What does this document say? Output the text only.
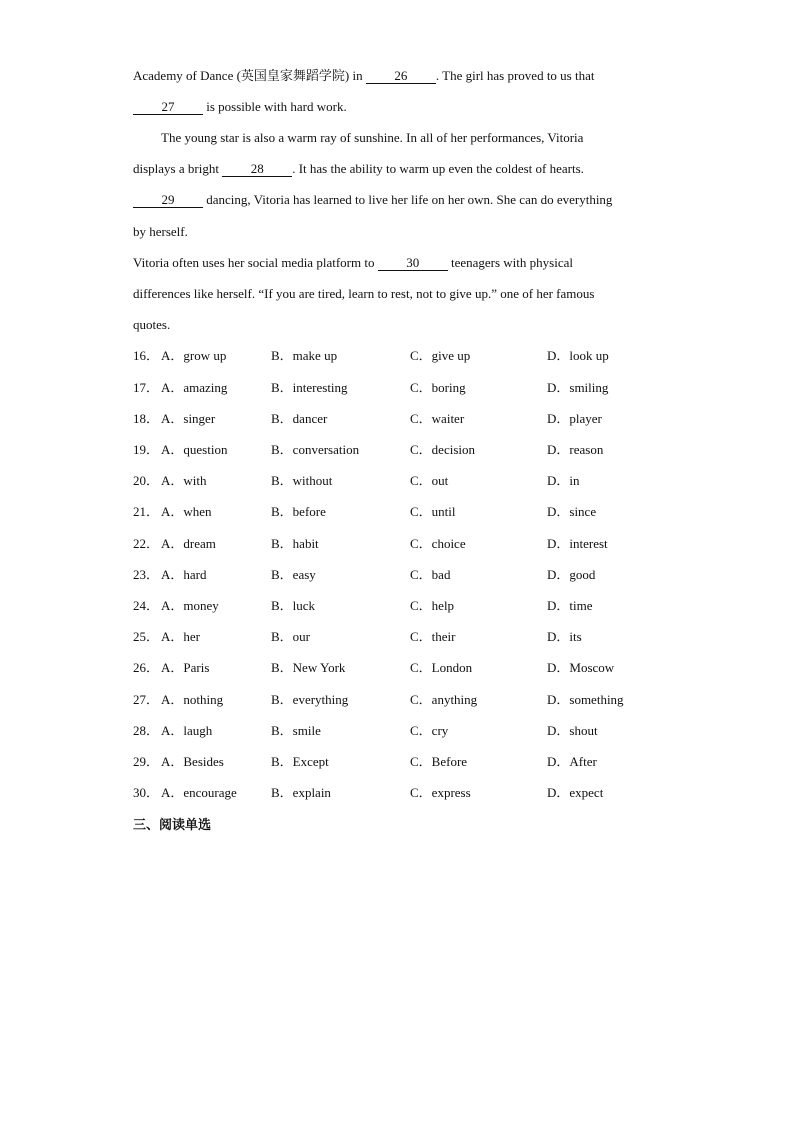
Academy of Dance (英国皇家舞蹈学院) in 26 . The girl has proved to us that
27 is possible with hard work.
The young star is also a warm ray of sunshine. In all of her performances, Vitoria
displays a bright 28 . It has the ability to warm up even the coldest of hearts.
29 dancing, Vitoria has learned to live her life on her own. She can do everything
by herself.
Vitoria often uses her social media platform to 30 teenagers with physical
differences like herself. “If you are tired, learn to rest, not to give up.” one of her famous
quotes.
16． A．grow up	B．make up	C．give up	D．look up
17． A．amazing	B．interesting	C．boring	D．smiling
18． A．singer	B．dancer	C．waiter	D．player
19． A．question	B．conversation	C．decision	D．reason
20． A．with	B．without	C．out	D．in
21． A．when	B．before	C．until	D．since
22． A．dream	B．habit	C．choice	D．interest
23． A．hard	B．easy	C．bad	D．good
24． A．money	B．luck	C．help	D．time
25． A．her	B．our	C．their	D．its
26． A．Paris	B．New York	C．London	D．Moscow
27． A．nothing	B．everything	C．anything	D．something
28． A．laugh	B．smile	C．cry	D．shout
29． A．Besides	B．Except	C．Before	D．After
30． A．encourage	B．explain	C．express	D．expect
三、阅读单选
